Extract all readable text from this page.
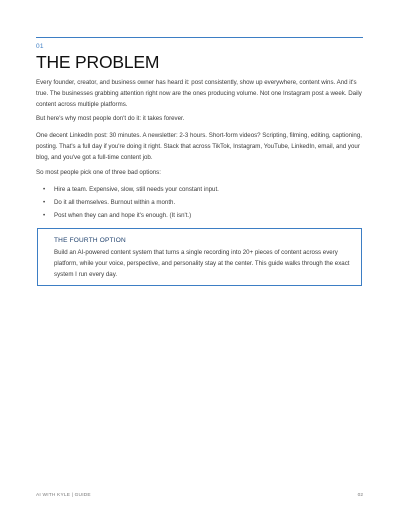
01
THE PROBLEM

Every founder, creator, and business owner has heard it: post consistently, show up everywhere, content wins. And it's true. The businesses grabbing attention right now are the ones producing volume. Not one Instagram post a week. Daily content across multiple platforms.

But here's why most people don't do it: it takes forever.

One decent LinkedIn post: 30 minutes. A newsletter: 2-3 hours. Short-form videos? Scripting, filming, editing, captioning, posting. That's a full day if you're doing it right. Stack that across TikTok, Instagram, YouTube, LinkedIn, email, and your blog, and you've got a full-time content job.

So most people pick one of three bad options:

• Hire a team. Expensive, slow, still needs your constant input.
• Do it all themselves. Burnout within a month.
• Post when they can and hope it's enough. (It isn't.)
THE FOURTH OPTION

Build an AI-powered content system that turns a single recording into 20+ pieces of content across every platform, while your voice, perspective, and personality stay at the center. This guide walks through the exact system I run every day.

AI WITH KYLE | GUIDE	02
